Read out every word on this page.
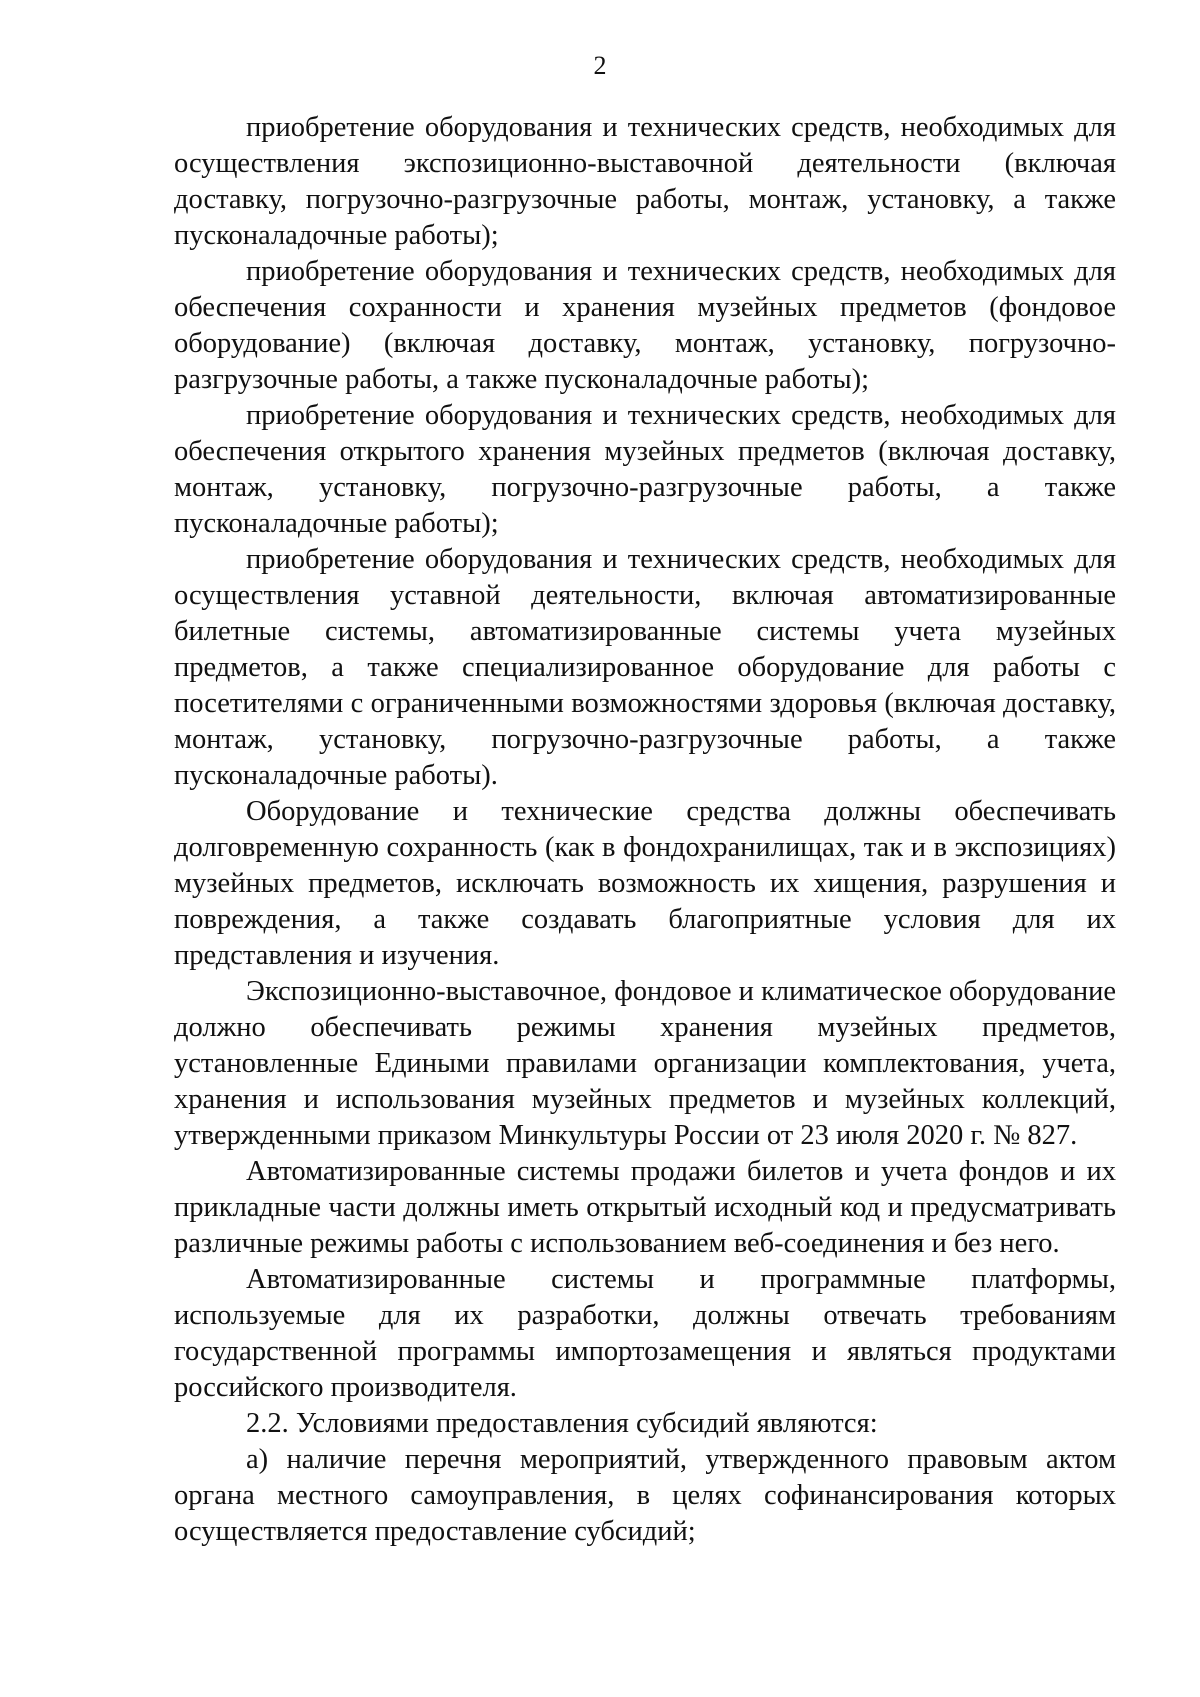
2

приобретение оборудования и технических средств, необходимых для осуществления экспозиционно-выставочной деятельности (включая доставку, погрузочно-разгрузочные работы, монтаж, установку, а также пусконаладочные работы);

приобретение оборудования и технических средств, необходимых для обеспечения сохранности и хранения музейных предметов (фондовое оборудование) (включая доставку, монтаж, установку, погрузочно-разгрузочные работы, а также пусконаладочные работы);

приобретение оборудования и технических средств, необходимых для обеспечения открытого хранения музейных предметов (включая доставку, монтаж, установку, погрузочно-разгрузочные работы, а также пусконаладочные работы);

приобретение оборудования и технических средств, необходимых для осуществления уставной деятельности, включая автоматизированные билетные системы, автоматизированные системы учета музейных предметов, а также специализированное оборудование для работы с посетителями с ограниченными возможностями здоровья (включая доставку, монтаж, установку, погрузочно-разгрузочные работы, а также пусконаладочные работы).

Оборудование и технические средства должны обеспечивать долговременную сохранность (как в фондохранилищах, так и в экспозициях) музейных предметов, исключать возможность их хищения, разрушения и повреждения, а также создавать благоприятные условия для их представления и изучения.

Экспозиционно-выставочное, фондовое и климатическое оборудование должно обеспечивать режимы хранения музейных предметов, установленные Едиными правилами организации комплектования, учета, хранения и использования музейных предметов и музейных коллекций, утвержденными приказом Минкультуры России от 23 июля 2020 г. № 827.

Автоматизированные системы продажи билетов и учета фондов и их прикладные части должны иметь открытый исходный код и предусматривать различные режимы работы с использованием веб-соединения и без него.

Автоматизированные системы и программные платформы, используемые для их разработки, должны отвечать требованиям государственной программы импортозамещения и являться продуктами российского производителя.

2.2. Условиями предоставления субсидий являются:

а) наличие перечня мероприятий, утвержденного правовым актом органа местного самоуправления, в целях софинансирования которых осуществляется предоставление субсидий;
